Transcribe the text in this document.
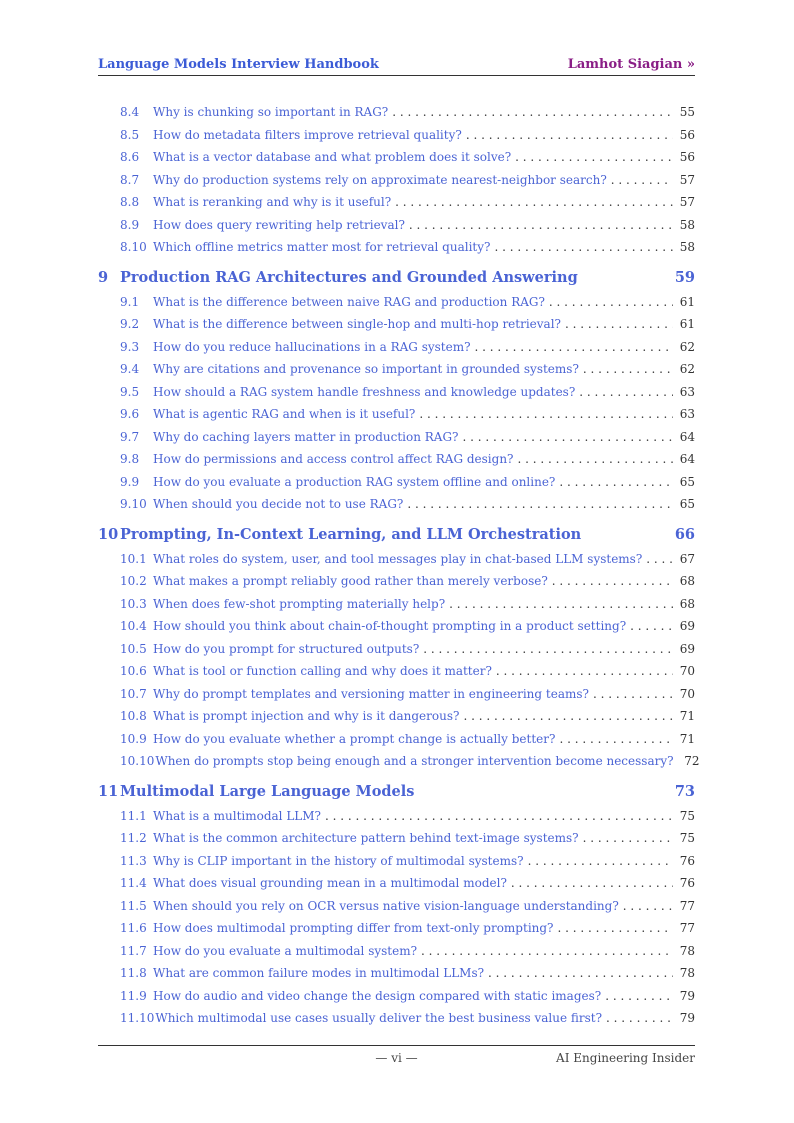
Language Models Interview Handbook	Lamhot Siagian »
8.4	Why is chunking so important in RAG? . . .	55
8.5	How do metadata filters improve retrieval quality? . . .	56
8.6	What is a vector database and what problem does it solve? . . .	56
8.7	Why do production systems rely on approximate nearest-neighbor search? . . .	57
8.8	What is reranking and why is it useful? . . .	57
8.9	How does query rewriting help retrieval? . . .	58
8.10 Which offline metrics matter most for retrieval quality? . . .	58
9 Production RAG Architectures and Grounded Answering	59
9.1	What is the difference between naive RAG and production RAG? . . .	61
9.2	What is the difference between single-hop and multi-hop retrieval? . . .	61
9.3	How do you reduce hallucinations in a RAG system? . . .	62
9.4	Why are citations and provenance so important in grounded systems? . . .	62
9.5	How should a RAG system handle freshness and knowledge updates? . . .	63
9.6	What is agentic RAG and when is it useful? . . .	63
9.7	Why do caching layers matter in production RAG? . . .	64
9.8	How do permissions and access control affect RAG design? . . .	64
9.9	How do you evaluate a production RAG system offline and online? . . .	65
9.10 When should you decide not to use RAG? . . .	65
10 Prompting, In-Context Learning, and LLM Orchestration	66
10.1 What roles do system, user, and tool messages play in chat-based LLM systems? . . .	67
10.2 What makes a prompt reliably good rather than merely verbose? . . .	68
10.3 When does few-shot prompting materially help? . . .	68
10.4 How should you think about chain-of-thought prompting in a product setting? . . .	69
10.5 How do you prompt for structured outputs? . . .	69
10.6 What is tool or function calling and why does it matter? . . .	70
10.7 Why do prompt templates and versioning matter in engineering teams? . . .	70
10.8 What is prompt injection and why is it dangerous? . . .	71
10.9 How do you evaluate whether a prompt change is actually better? . . .	71
10.10 When do prompts stop being enough and a stronger intervention become necessary? 72
11 Multimodal Large Language Models	73
11.1 What is a multimodal LLM? . . .	75
11.2 What is the common architecture pattern behind text-image systems? . . .	75
11.3 Why is CLIP important in the history of multimodal systems? . . .	76
11.4 What does visual grounding mean in a multimodal model? . . .	76
11.5 When should you rely on OCR versus native vision-language understanding? . . .	77
11.6 How does multimodal prompting differ from text-only prompting? . . .	77
11.7 How do you evaluate a multimodal system? . . .	78
11.8 What are common failure modes in multimodal LLMs? . . .	78
11.9 How do audio and video change the design compared with static images? . . .	79
11.10 Which multimodal use cases usually deliver the best business value first? . . .	79
— vi —	AI Engineering Insider
